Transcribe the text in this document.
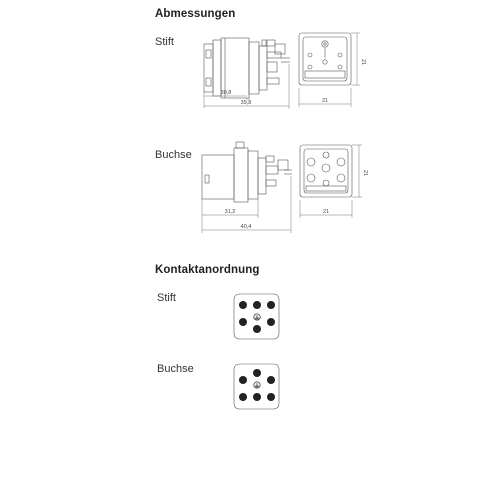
Abmessungen
Kontaktanordnung
Stift
Buchse
Stift
Buchse
30,8
39,8	21
21
31,2
40,4
21
21
